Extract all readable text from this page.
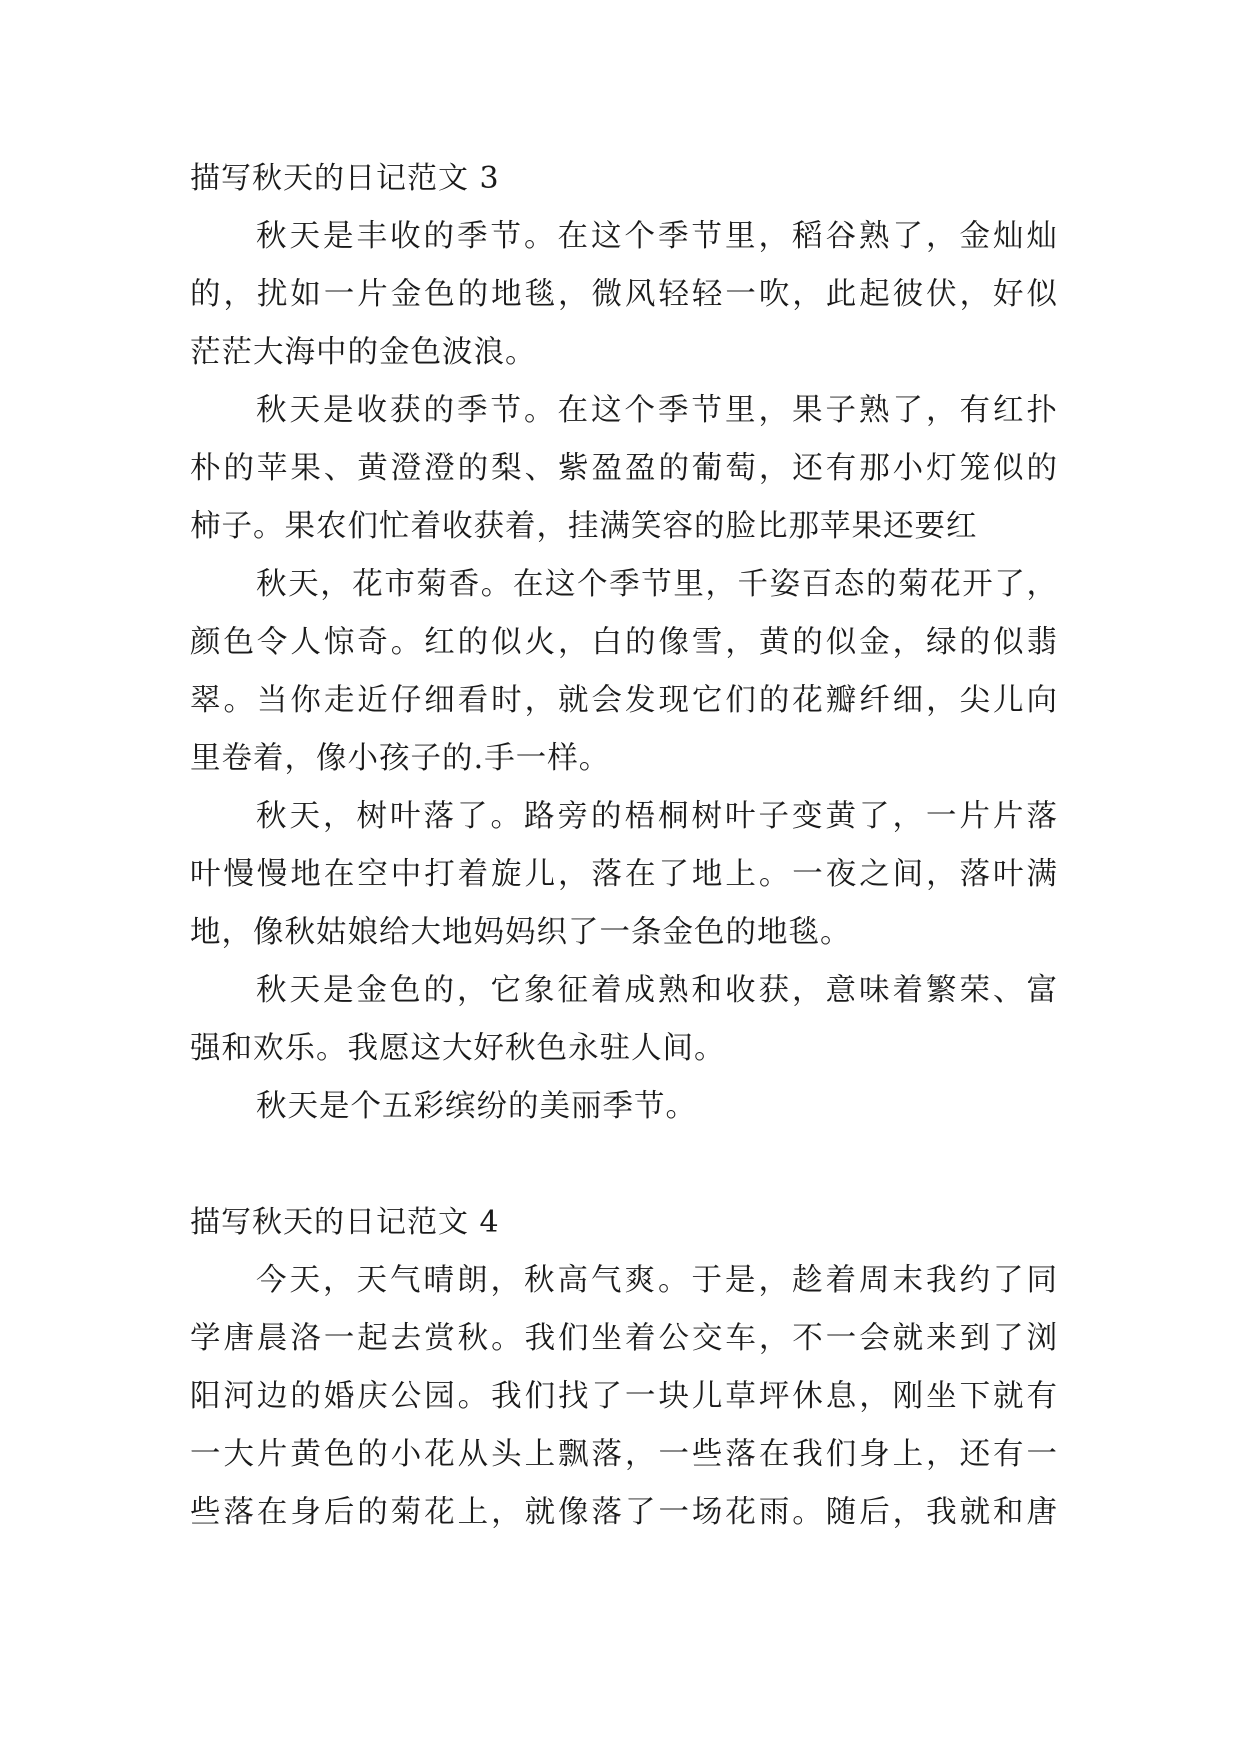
描写秋天的日记范文 3
秋天是丰收的季节。在这个季节里，稻谷熟了，金灿灿
的，扰如一片金色的地毯，微风轻轻一吹，此起彼伏，好似
茫茫大海中的金色波浪。
秋天是收获的季节。在这个季节里，果子熟了，有红扑
朴的苹果、黄澄澄的梨、紫盈盈的葡萄，还有那小灯笼似的
柿子。果农们忙着收获着，挂满笑容的脸比那苹果还要红
秋天，花市菊香。在这个季节里，千姿百态的菊花开了，
颜色令人惊奇。红的似火，白的像雪，黄的似金，绿的似翡
翠。当你走近仔细看时，就会发现它们的花瓣纤细，尖儿向
里卷着，像小孩子的.手一样。
秋天，树叶落了。路旁的梧桐树叶子变黄了，一片片落
叶慢慢地在空中打着旋儿，落在了地上。一夜之间，落叶满
地，像秋姑娘给大地妈妈织了一条金色的地毯。
秋天是金色的，它象征着成熟和收获，意味着繁荣、富
强和欢乐。我愿这大好秋色永驻人间。
秋天是个五彩缤纷的美丽季节。
描写秋天的日记范文 4
今天，天气晴朗，秋高气爽。于是，趁着周末我约了同
学唐晨洛一起去赏秋。我们坐着公交车，不一会就来到了浏
阳河边的婚庆公园。我们找了一块儿草坪休息，刚坐下就有
一大片黄色的小花从头上飘落，一些落在我们身上，还有一
些落在身后的菊花上，就像落了一场花雨。随后，我就和唐
